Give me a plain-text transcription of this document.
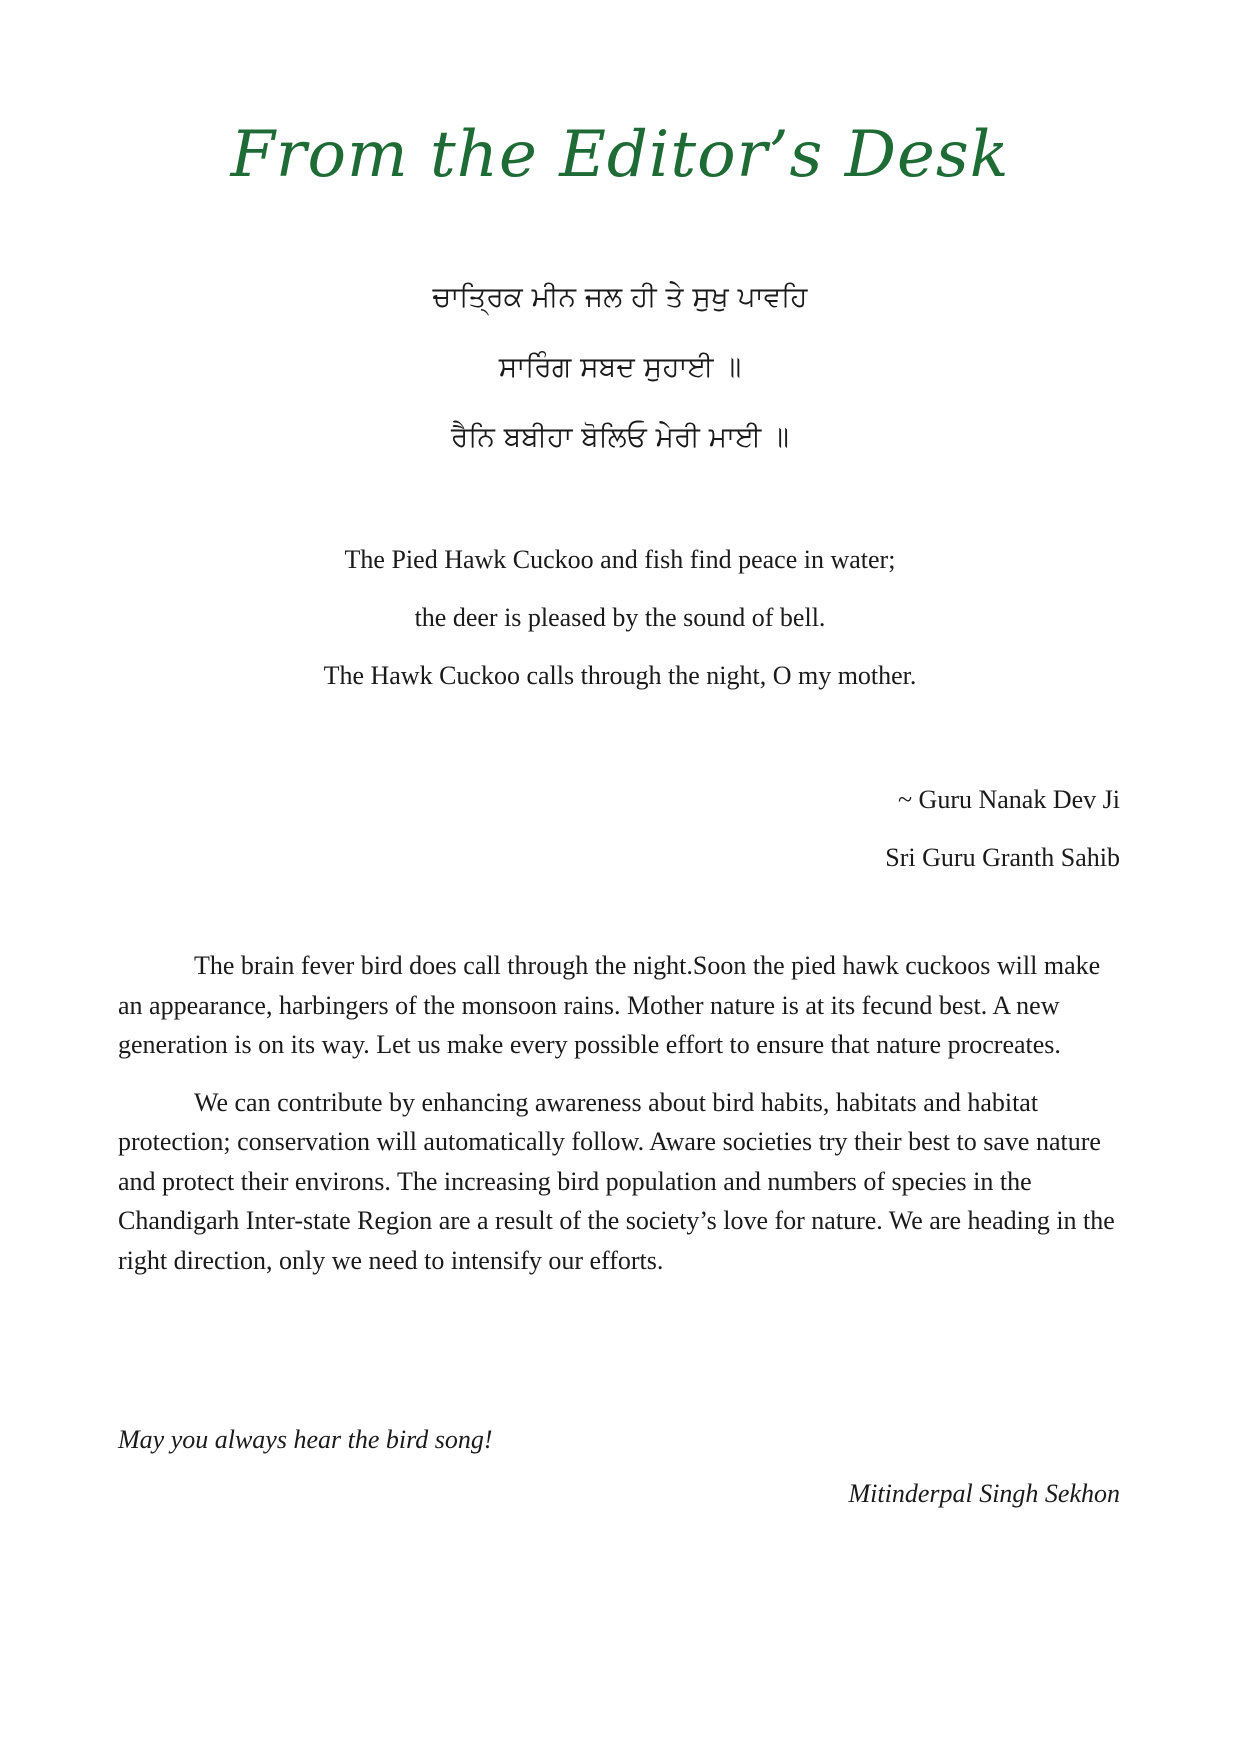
From the Editor’s Desk
ਚਾਤ੍ਰਿਕ ਮੀਨ ਜਲ ਹੀ ਤੇ ਸੁਖੁ ਪਾਵਹਿ
ਸਾਰਿੰਗ ਸਬਦ ਸੁਹਾਈ ॥
ਰੈਨਿ ਬਬੀਹਾ ਬੋਲਿਓ ਮੇਰੀ ਮਾਈ ॥
The Pied Hawk Cuckoo and fish find peace in water;
the deer is pleased by the sound of bell.
The Hawk Cuckoo calls through the night, O my mother.
~ Guru Nanak Dev Ji
Sri Guru Granth Sahib

The brain fever bird does call through the night.Soon the pied hawk cuckoos will make an appearance, harbingers of the monsoon rains. Mother nature is at its fecund best. A new generation is on its way. Let us make every possible effort to ensure that nature procreates.

We can contribute by enhancing awareness about bird habits, habitats and habitat protection; conservation will automatically follow. Aware societies try their best to save nature and protect their environs. The increasing bird population and numbers of species in the Chandigarh Inter-state Region are a result of the society’s love for nature. We are heading in the right direction, only we need to intensify our efforts.

May you always hear the bird song!
Mitinderpal Singh Sekhon
